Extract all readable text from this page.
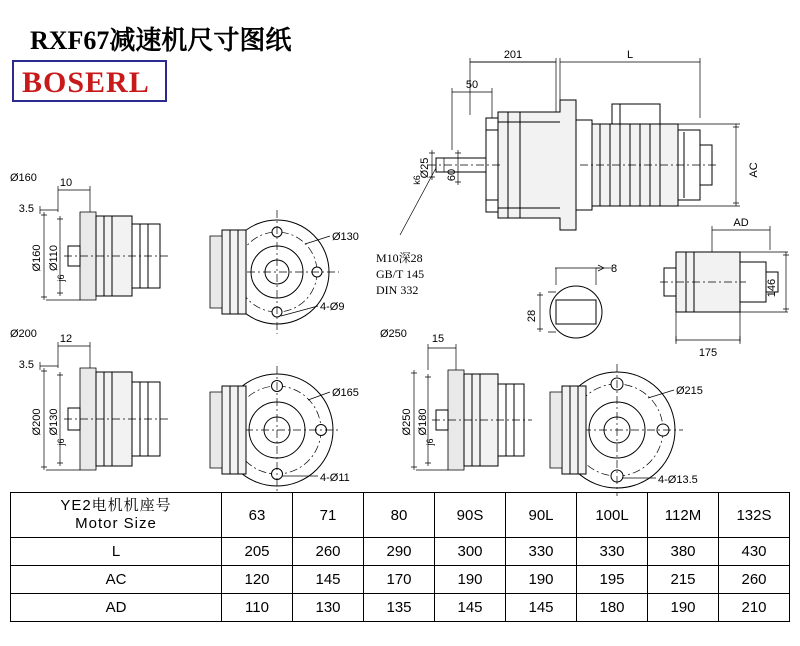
RXF67减速机尺寸图纸
BOSERL
201	L
50
Ø25
k6 60	AC
M10深28
GB/T 145
DIN 332
8
28
AD
146
175
Ø160 10
3.5
Ø160 Ø110
j6
Ø130
4-Ø9
Ø200 12
3.5
Ø200 Ø130
j6
Ø165
4-Ø11
Ø250 15
Ø250 Ø180
j6
Ø215
4-Ø13.5
YE2电机机座号
Motor Size	63	71	80	90S	90L	100L	112M	132S
L	205	260	290	300	330	330	380	430
AC	120	145	170	190	190	195	215	260
AD	110	130	135	145	145	180	190	210
